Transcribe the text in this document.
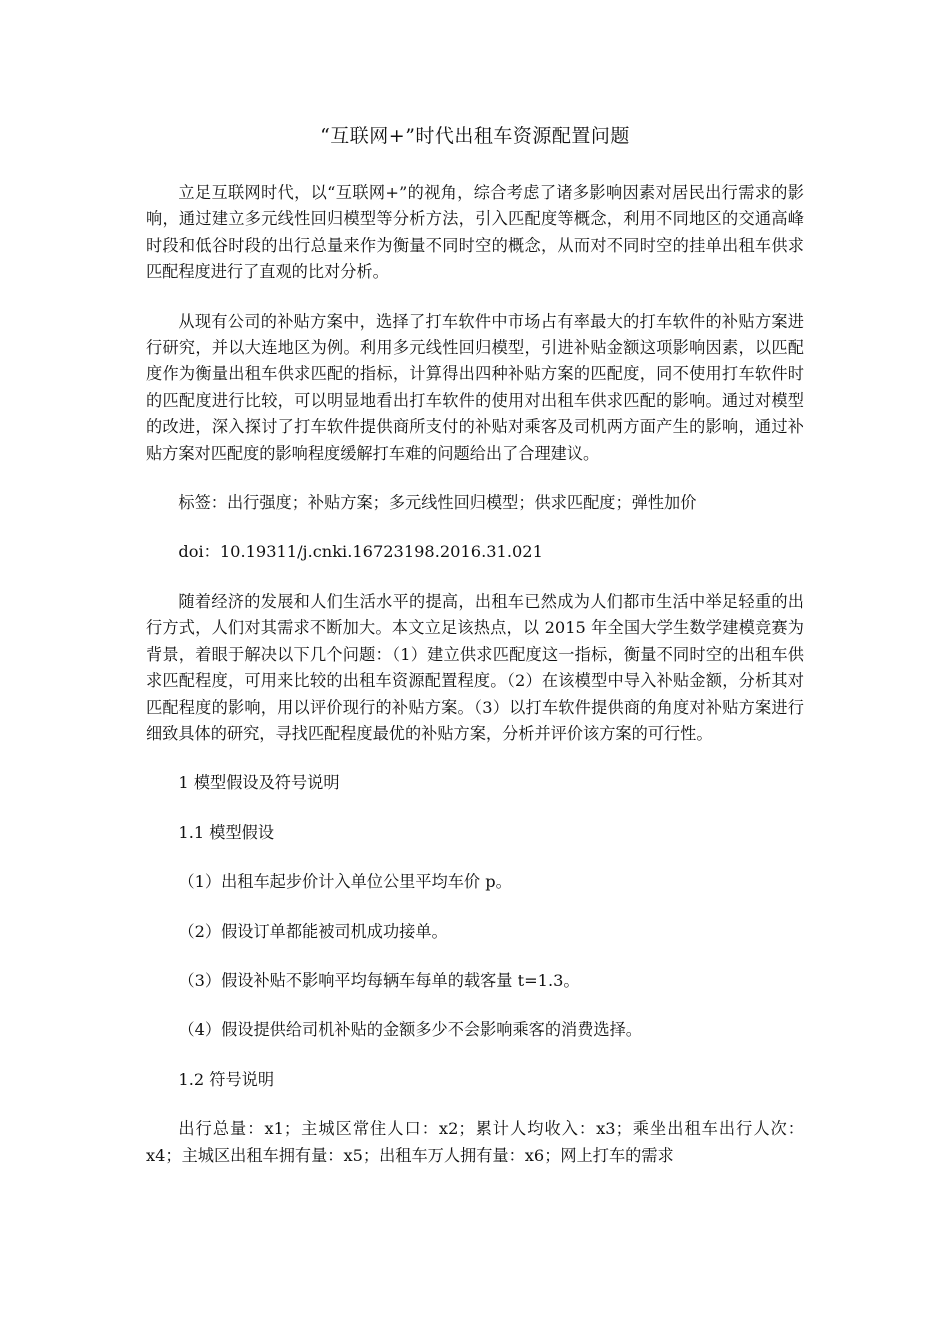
“互联网+”时代出租车资源配置问题

立足互联网时代，以“互联网+”的视角，综合考虑了诸多影响因素对居民出行需求的影响，通过建立多元线性回归模型等分析方法，引入匹配度等概念，利用不同地区的交通高峰时段和低谷时段的出行总量来作为衡量不同时空的概念，从而对不同时空的挂单出租车供求匹配程度进行了直观的比对分析。

从现有公司的补贴方案中，选择了打车软件中市场占有率最大的打车软件的补贴方案进行研究，并以大连地区为例。利用多元线性回归模型，引进补贴金额这项影响因素，以匹配度作为衡量出租车供求匹配的指标，计算得出四种补贴方案的匹配度，同不使用打车软件时的匹配度进行比较，可以明显地看出打车软件的使用对出租车供求匹配的影响。通过对模型的改进，深入探讨了打车软件提供商所支付的补贴对乘客及司机两方面产生的影响，通过补贴方案对匹配度的影响程度缓解打车难的问题给出了合理建议。

标签：出行强度；补贴方案；多元线性回归模型；供求匹配度；弹性加价

doi：10.19311/j.cnki.16723198.2016.31.021

随着经济的发展和人们生活水平的提高，出租车已然成为人们都市生活中举足轻重的出行方式，人们对其需求不断加大。本文立足该热点，以 2015 年全国大学生数学建模竞赛为背景，着眼于解决以下几个问题：（1）建立供求匹配度这一指标，衡量不同时空的出租车供求匹配程度，可用来比较的出租车资源配置程度。（2）在该模型中导入补贴金额，分析其对匹配程度的影响，用以评价现行的补贴方案。（3）以打车软件提供商的角度对补贴方案进行细致具体的研究，寻找匹配程度最优的补贴方案，分析并评价该方案的可行性。

1 模型假设及符号说明

1.1 模型假设

（1）出租车起步价计入单位公里平均车价 p。

（2）假设订单都能被司机成功接单。

（3）假设补贴不影响平均每辆车每单的载客量 t=1.3。

（4）假设提供给司机补贴的金额多少不会影响乘客的消费选择。

1.2 符号说明

出行总量：x1；主城区常住人口：x2；累计人均收入：x3；乘坐出租车出行人次：x4；主城区出租车拥有量：x5；出租车万人拥有量：x6；网上打车的需求
